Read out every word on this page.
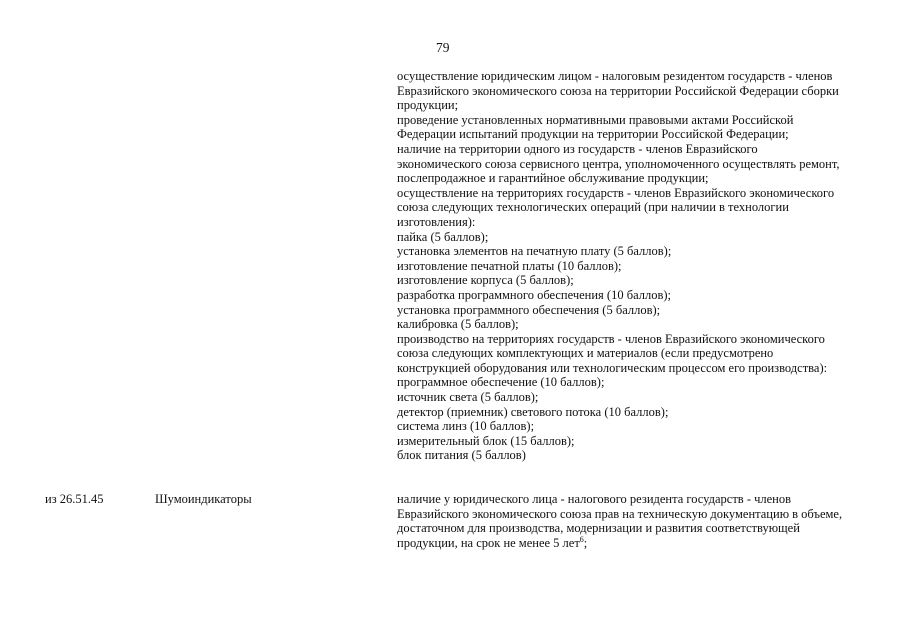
79
осуществление юридическим лицом - налоговым резидентом государств - членов
Евразийского экономического союза на территории Российской Федерации сборки
продукции;
проведение установленных нормативными правовыми актами Российской
Федерации испытаний продукции на территории Российской Федерации;
наличие на территории одного из государств - членов Евразийского
экономического союза сервисного центра, уполномоченного осуществлять ремонт,
послепродажное и гарантийное обслуживание продукции;
осуществление на территориях государств - членов Евразийского экономического
союза следующих технологических операций (при наличии в технологии
изготовления):
пайка (5 баллов);
установка элементов на печатную плату (5 баллов);
изготовление печатной платы (10 баллов);
изготовление корпуса (5 баллов);
разработка программного обеспечения (10 баллов);
установка программного обеспечения (5 баллов);
калибровка (5 баллов);
производство на территориях государств - членов Евразийского экономического
союза следующих комплектующих и материалов (если предусмотрено
конструкцией оборудования или технологическим процессом его производства):
программное обеспечение (10 баллов);
источник света (5 баллов);
детектор (приемник) светового потока (10 баллов);
система линз (10 баллов);
измерительный блок (15 баллов);
блок питания (5 баллов)
из 26.51.45	Шумоиндикаторы	наличие у юридического лица - налогового резидента государств - членов
Евразийского экономического союза прав на техническую документацию в объеме,
достаточном для производства, модернизации и развития соответствующей
продукции, на срок не менее 5 лет$^6$;
